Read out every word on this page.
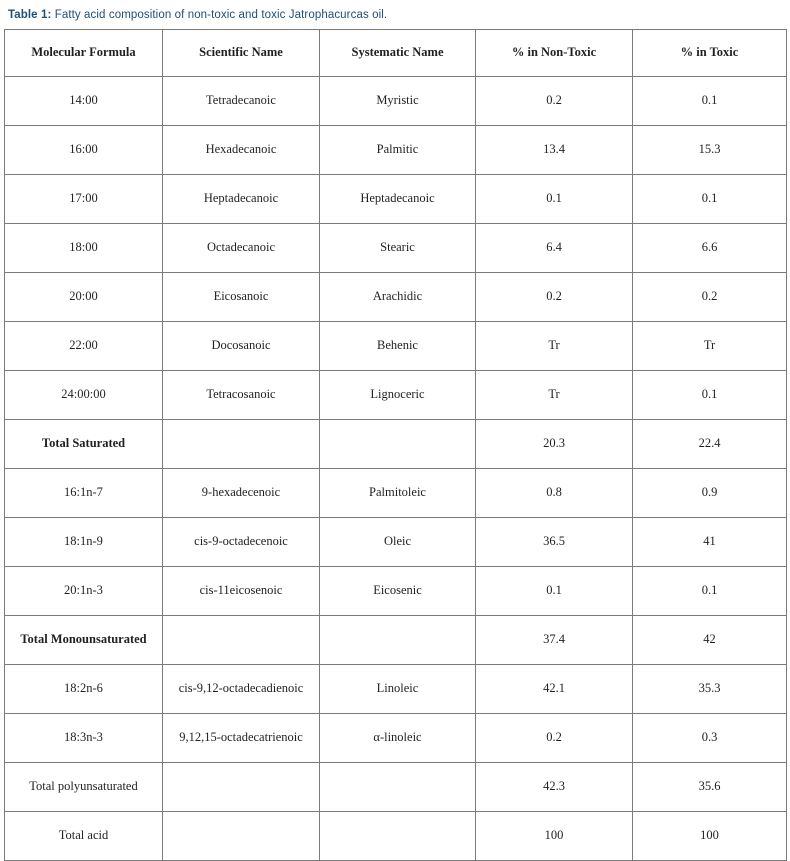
Table 1: Fatty acid composition of non-toxic and toxic Jatrophacurcas oil.
Molecular Formula	Scientific Name	Systematic Name	% in Non-Toxic	% in Toxic
14:00	Tetradecanoic	Myristic	0.2	0.1
16:00	Hexadecanoic	Palmitic	13.4	15.3
17:00	Heptadecanoic	Heptadecanoic	0.1	0.1
18:00	Octadecanoic	Stearic	6.4	6.6
20:00	Eicosanoic	Arachidic	0.2	0.2
22:00	Docosanoic	Behenic	Tr	Tr
24:00:00	Tetracosanoic	Lignoceric	Tr	0.1
Total Saturated			20.3	22.4
16:1n-7	9-hexadecenoic	Palmitoleic	0.8	0.9
18:1n-9	cis-9-octadecenoic	Oleic	36.5	41
20:1n-3	cis-11eicosenoic	Eicosenic	0.1	0.1
Total Monounsaturated			37.4	42
18:2n-6	cis-9,12-octadecadienoic	Linoleic	42.1	35.3
18:3n-3	9,12,15-octadecatrienoic	α-linoleic	0.2	0.3
Total polyunsaturated			42.3	35.6
Total acid			100	100
